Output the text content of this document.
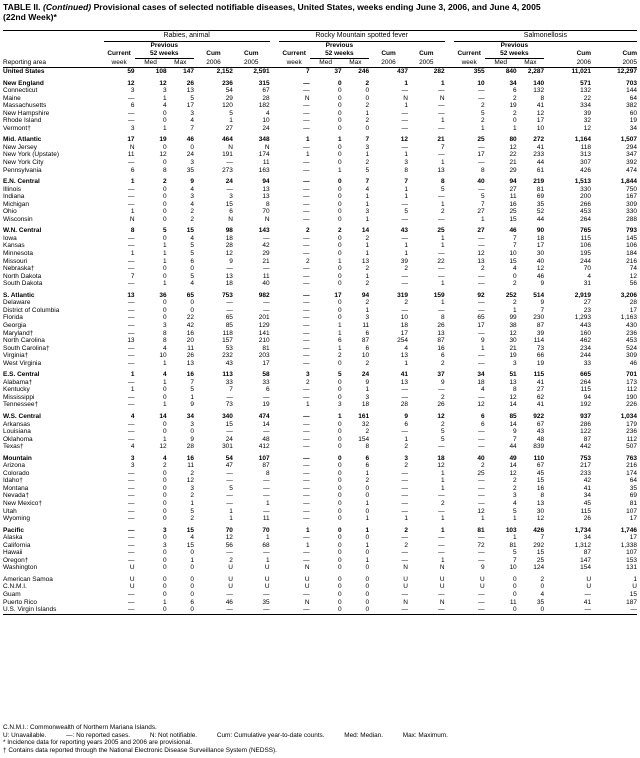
TABLE II. (Continued) Provisional cases of selected notifiable diseases, United States, weeks ending June 3, 2006, and June 4, 2005
(22nd Week)*
	Rabies, animal						Rocky Mountain spotted fever						Salmonellosis				
		Previous						Previous						Previous			
	Current	52 weeks		Cum	Cum		Current	52 weeks		Cum	Cum		Current	52 weeks		Cum	Cum
Reporting area	week	Med	Max	2006	2005		week	Med	Max	2006	2005		week	Med	Max	2006	2005
United States	59	108	147	2,152	2,591		7	37	246	437	282		355	840	2,287	11,021	12,297

New England	12	12	26	236	315		—	0	2	1	1		10	34	140	571	703
Connecticut	3	3	13	54	67		—	0	0	—	—		—	6	132	132	144
Maine	—	1	5	29	28		N	0	0	N	N		—	2	8	22	64
Massachusetts	6	4	17	120	182		—	0	2	1	—		2	19	41	334	382
New Hampshire	—	0	3	5	4		—	0	1	—	—		5	2	12	39	60
Rhode Island	—	0	4	1	10		—	0	2	—	1		2	0	17	32	19
Vermont†	3	1	7	27	24		—	0	0	—	—		1	1	10	12	34

Mid. Atlantic	17	19	46	464	348		1	1	7	12	21		25	80	272	1,164	1,507
New Jersey	N	0	0	N	N		—	0	3	—	7		—	12	41	118	294
New York (Upstate)	11	12	24	191	174		1	0	1	1	—		17	22	233	313	347
New York City	—	0	3	—	11		—	0	2	3	1		—	21	44	307	392
Pennsylvania	6	8	35	273	163		—	1	5	8	13		8	29	61	426	474

E.N. Central	1	2	9	24	94		—	0	7	7	8		40	94	219	1,513	1,844
Illinois	—	0	4	—	13		—	0	4	1	5		—	27	81	330	750
Indiana	—	0	3	3	13		—	0	1	1	—		5	11	69	200	167
Michigan	—	0	4	15	8		—	0	1	—	1		7	16	35	266	309
Ohio	1	0	2	6	70		—	0	3	5	2		27	25	52	453	330
Wisconsin	N	0	2	N	N		—	0	1	—	—		1	15	44	264	288

W.N. Central	8	5	15	98	143		2	2	14	43	25		27	46	90	765	793
Iowa	—	0	4	18	—		—	0	2	—	1		—	7	18	115	145
Kansas	—	1	5	28	42		—	0	1	1	1		—	7	17	106	106
Minnesota	1	1	5	12	29		—	0	1	1	—		12	10	30	195	184
Missouri	—	1	6	9	21		2	1	13	39	22		13	15	40	244	216
Nebraska†	—	0	0	—	—		—	0	2	2	—		2	4	12	70	74
North Dakota	7	0	5	13	11		—	0	1	—	—		—	0	46	4	12
South Dakota	—	1	4	18	40		—	0	2	—	1		—	2	9	31	56

S. Atlantic	13	36	65	753	982		—	17	94	319	159		92	252	514	2,919	3,206
Delaware	—	0	0	—	—		—	0	2	2	1		—	2	9	27	28
District of Columbia	—	0	0	—	—		—	0	1	—	—		—	1	7	23	17
Florida	—	0	22	65	201		—	0	3	10	8		65	99	230	1,293	1,163
Georgia	—	3	42	85	129		—	1	11	18	26		17	38	87	443	430
Maryland†	—	8	16	118	141		—	1	6	17	13		—	12	39	160	236
North Carolina	13	8	20	157	210		—	6	87	254	87		9	30	114	462	453
South Carolina†	—	4	11	53	81		—	1	6	4	16		1	21	73	234	524
Virginia†	—	10	26	232	203		—	2	10	13	6		—	19	66	244	309
West Virginia	—	1	13	43	17		—	0	2	1	2		—	3	19	33	46

E.S. Central	1	4	16	113	58		3	5	24	41	37		34	51	115	665	701
Alabama†	—	1	7	33	33		2	0	9	13	9		18	13	41	264	173
Kentucky	1	0	5	7	6		—	0	1	—	—		4	8	27	115	112
Mississippi	—	0	1	—	—		—	0	3	—	2		—	12	62	94	190
Tennessee†	—	1	9	73	19		1	3	18	28	26		12	14	41	192	226

W.S. Central	4	14	34	340	474		—	1	161	9	12		6	85	922	937	1,034
Arkansas	—	0	3	15	14		—	0	32	6	2		6	14	67	286	179
Louisiana	—	0	0	—	—		—	0	2	—	5		—	9	43	122	236
Oklahoma	—	1	9	24	48		—	0	154	1	5		—	7	48	87	112
Texas†	4	12	28	301	412		—	0	8	2	—		—	44	839	442	507

Mountain	3	4	16	54	107		—	0	6	3	18		40	49	110	753	763
Arizona	3	2	11	47	87		—	0	6	2	12		2	14	67	217	216
Colorado	—	0	2	—	8		—	0	1	—	1		25	12	45	233	174
Idaho†	—	0	12	—	—		—	0	2	—	1		—	2	15	42	64
Montana	—	0	3	5	—		—	0	0	—	1		—	2	16	41	35
Nevada†	—	0	2	—	—		—	0	0	—	—		—	3	8	34	69
New Mexico†	—	0	1	—	1		—	0	1	—	2		—	4	13	45	81
Utah	—	0	5	1	—		—	0	0	—	—		12	5	30	115	107
Wyoming	—	0	2	1	11		—	0	1	1	1		1	1	12	26	17

Pacific	—	3	15	70	70		1	0	1	2	1		81	103	426	1,734	1,746
Alaska	—	0	4	12	1		—	0	0	—	—		—	1	7	34	17
California	—	3	15	56	68		1	0	1	2	—		72	81	292	1,312	1,338
Hawaii	—	0	0	—	—		—	0	0	—	—		—	5	15	87	107
Oregon†	—	0	1	2	1		—	0	1	—	1		—	7	25	147	153
Washington	U	0	0	U	U		N	0	0	N	N		9	10	124	154	131

American Samoa	U	0	0	U	U		U	0	0	U	U		U	0	2	U	1
C.N.M.I.	U	0	0	U	U		U	0	0	U	U		U	0	0	U	U
Guam	—	0	0	—	—		—	0	0	—	—		—	0	4	—	15
Puerto Rico	—	1	6	46	35		N	0	0	N	N		—	11	35	41	187
U.S. Virgin Islands	—	0	0	—	—		—	0	0	—	—		—	0	0	—	—
C.N.M.I.: Commonwealth of Northern Mariana Islands.
U: Unavailable.	—: No reported cases.	N: Not notifiable.	Cum: Cumulative year-to-date counts.	Med: Median.	Max: Maximum.
* Incidence data for reporting years 2005 and 2006 are provisional.
† Contains data reported through the National Electronic Disease Surveillance System (NEDSS).
